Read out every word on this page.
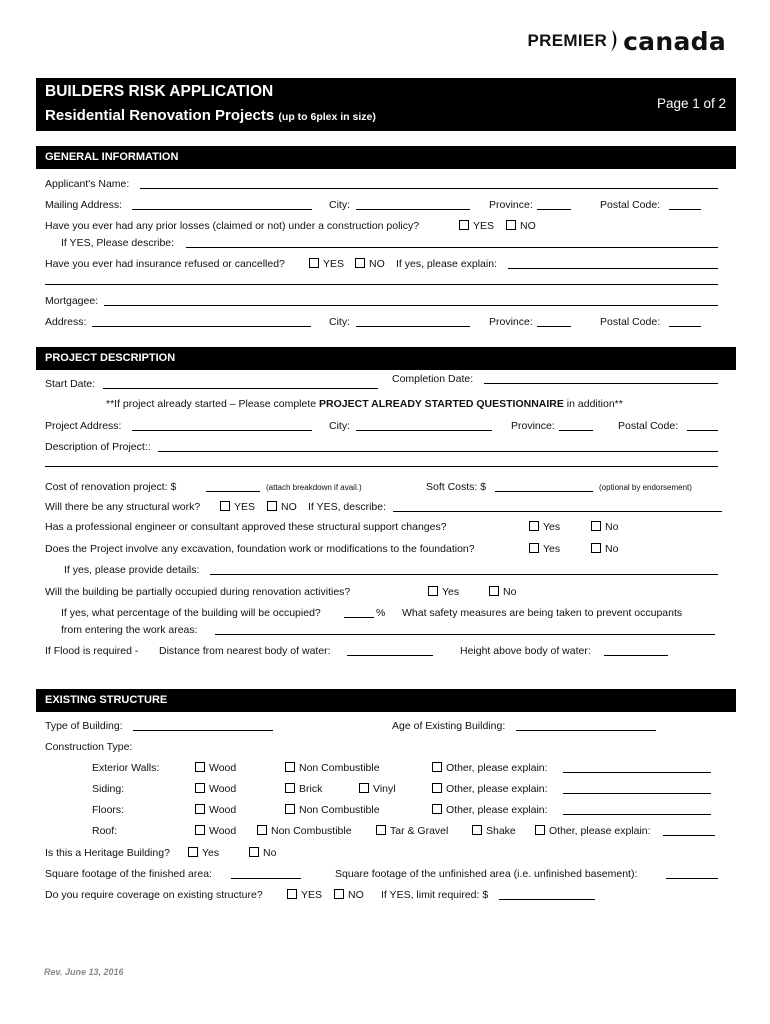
PREMIER canada
BUILDERS RISK APPLICATION
Residential Renovation Projects (up to 6plex in size)
Page 1 of 2
GENERAL INFORMATION
Applicant's Name:
Mailing Address:	City:	Province:	Postal Code:
Have you ever had any prior losses (claimed or not) under a construction policy?	YES	NO
If YES, Please describe:
Have you ever had insurance refused or cancelled?	YES	NO If yes, please explain:
Mortgagee:
Address:	City:	Province:	Postal Code:
PROJECT DESCRIPTION
Start Date:	Completion Date:
**If project already started – Please complete PROJECT ALREADY STARTED QUESTIONNAIRE in addition**
Project Address:	City:	Province:	Postal Code:
Description of Project::
Cost of renovation project: $	(attach breakdown if avail.)	Soft Costs: $	(optional by endorsement)
Will there be any structural work?	YES	NO If YES, describe:
Has a professional engineer or consultant approved these structural support changes?	Yes	No
Does the Project involve any excavation, foundation work or modifications to the foundation?	Yes	No
If yes, please provide details:
Will the building be partially occupied during renovation activities?	Yes	No
If yes, what percentage of the building will be occupied?	% What safety measures are being taken to prevent occupants
from entering the work areas:
If Flood is required - Distance from nearest body of water:	Height above body of water:
EXISTING STRUCTURE
Type of Building:	Age of Existing Building:
Construction Type:
Exterior Walls:	Wood	Non Combustible	Other, please explain:
Siding:	Wood	Brick	Vinyl	Other, please explain:
Floors:	Wood	Non Combustible	Other, please explain:
Roof:	Wood	Non Combustible	Tar & Gravel	Shake	Other, please explain:
Is this a Heritage Building?	Yes	No
Square footage of the finished area:	Square footage of the unfinished area (i.e. unfinished basement):
Do you require coverage on existing structure?	YES	NO If YES, limit required: $
Rev. June 13, 2016
